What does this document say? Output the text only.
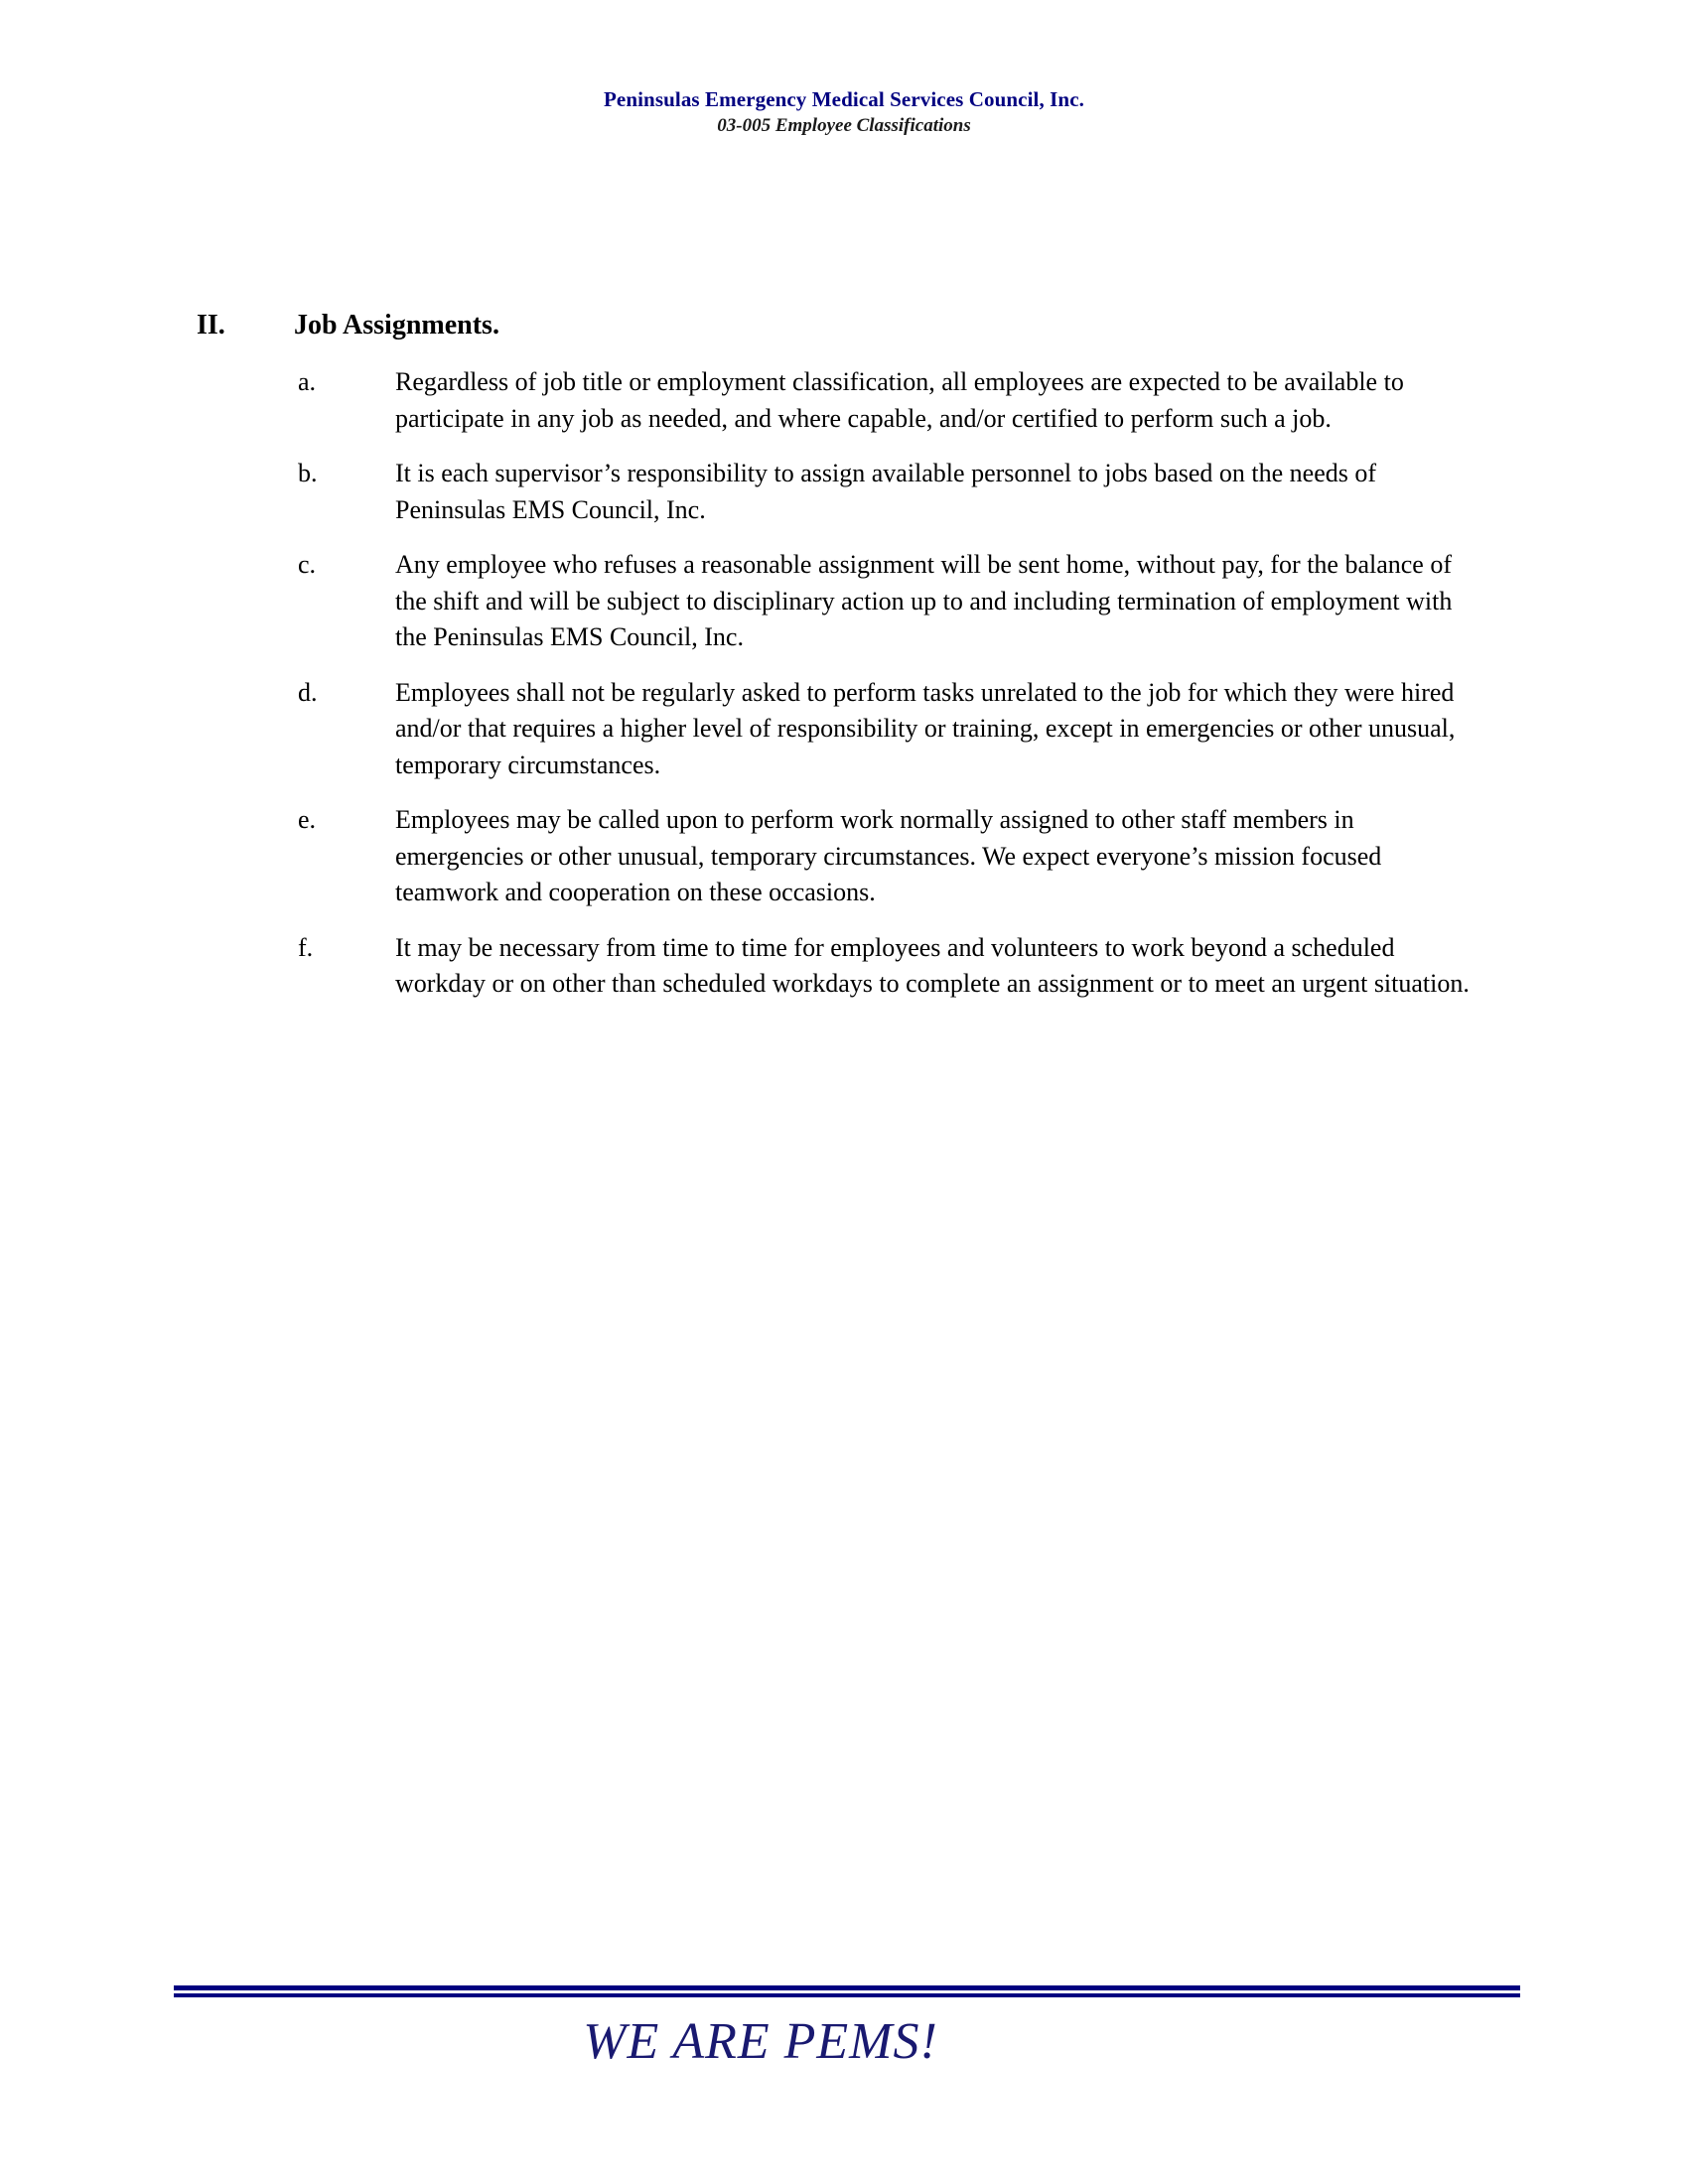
Peninsulas Emergency Medical Services Council, Inc.
03-005 Employee Classifications
II.	Job Assignments.
a.	Regardless of job title or employment classification, all employees are expected to be available to participate in any job as needed, and where capable, and/or certified to perform such a job.
b.	It is each supervisor’s responsibility to assign available personnel to jobs based on the needs of Peninsulas EMS Council, Inc.
c.	Any employee who refuses a reasonable assignment will be sent home, without pay, for the balance of the shift and will be subject to disciplinary action up to and including termination of employment with the Peninsulas EMS Council, Inc.
d.	Employees shall not be regularly asked to perform tasks unrelated to the job for which they were hired and/or that requires a higher level of responsibility or training, except in emergencies or other unusual, temporary circumstances.
e.	Employees may be called upon to perform work normally assigned to other staff members in emergencies or other unusual, temporary circumstances. We expect everyone’s mission focused teamwork and cooperation on these occasions.
f.	It may be necessary from time to time for employees and volunteers to work beyond a scheduled workday or on other than scheduled workdays to complete an assignment or to meet an urgent situation.
WE ARE PEMS!
